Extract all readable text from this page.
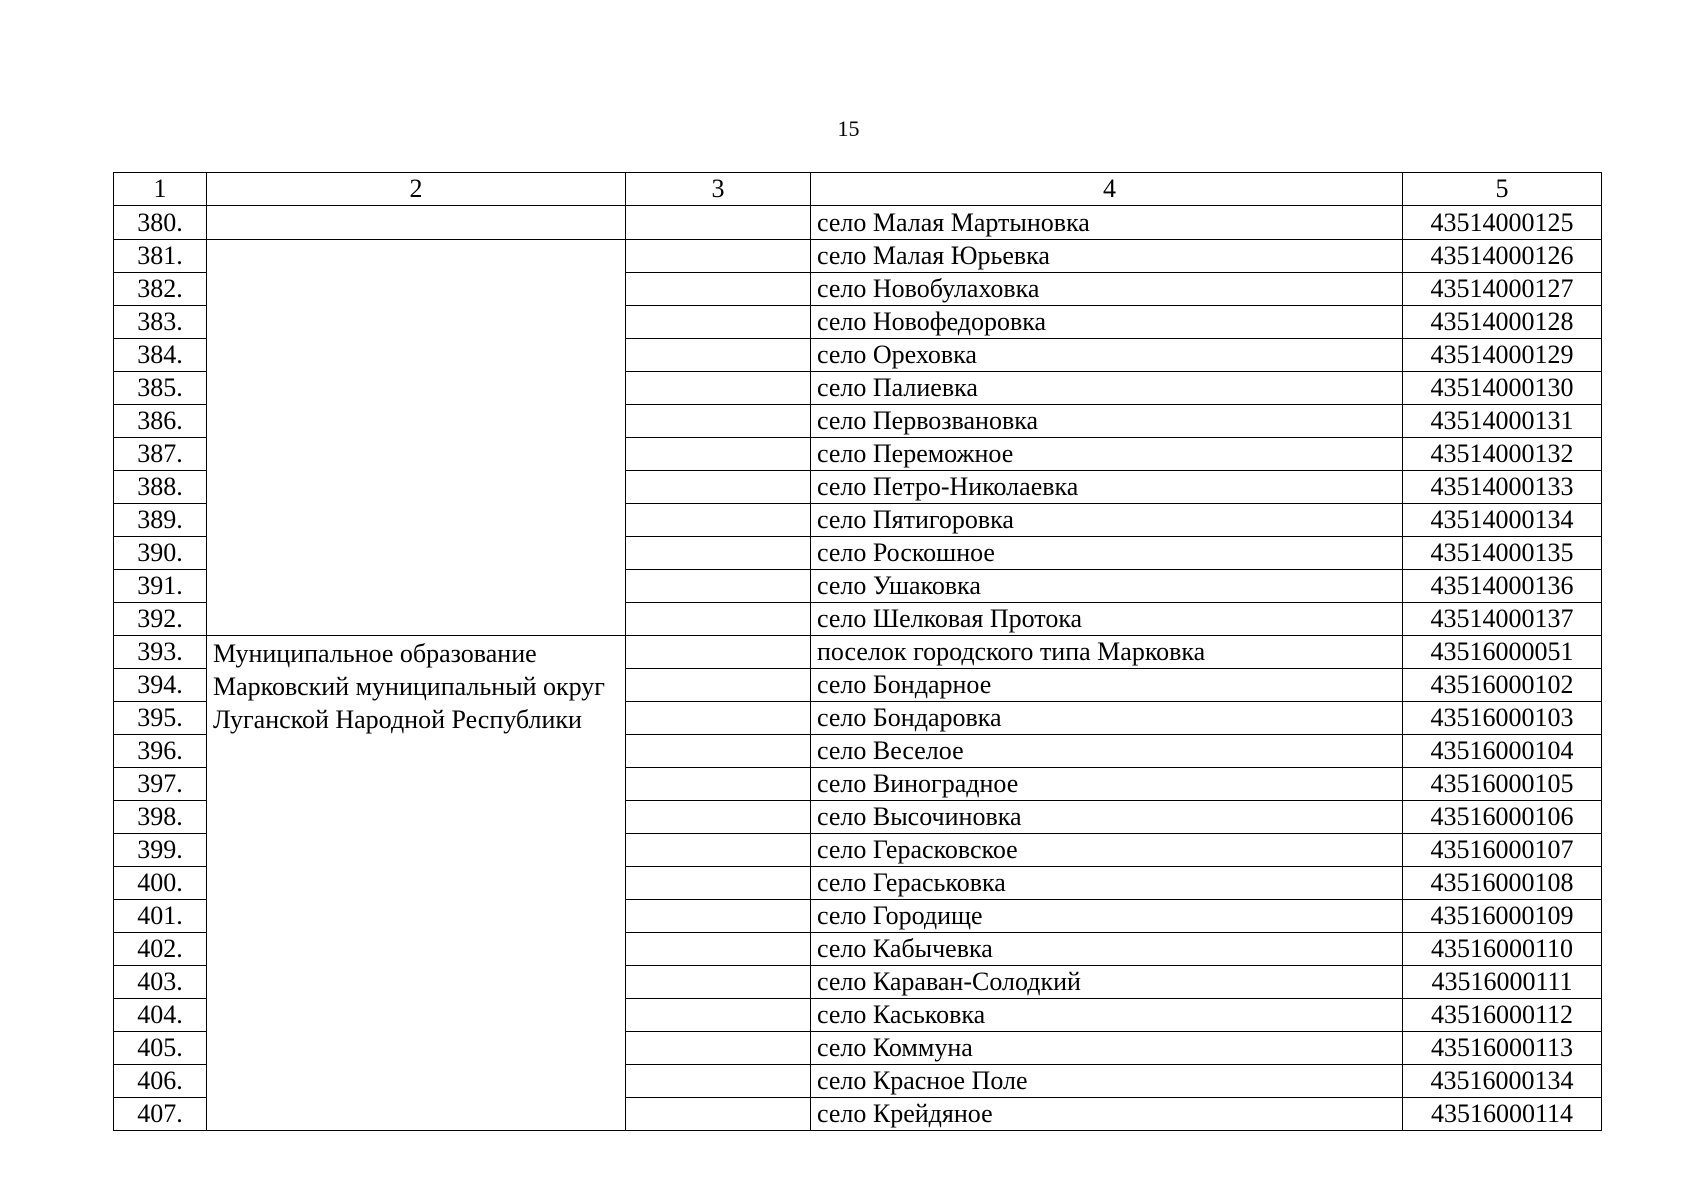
15
1	2	3	4	5
380.			село Малая Мартыновка	43514000125
381.			село Малая Юрьевка	43514000126
382.			село Новобулаховка	43514000127
383.			село Новофедоровка	43514000128
384.			село Ореховка	43514000129
385.			село Палиевка	43514000130
386.			село Первозвановка	43514000131
387.			село Переможное	43514000132
388.			село Петро-Николаевка	43514000133
389.			село Пятигоровка	43514000134
390.			село Роскошное	43514000135
391.			село Ушаковка	43514000136
392.			село Шелковая Протока	43514000137
393.	Муниципальное образование Марковский муниципальный округ Луганской Народной Республики		поселок городского типа Марковка	43516000051
394.			село Бондарное	43516000102
395.			село Бондаровка	43516000103
396.			село Веселое	43516000104
397.			село Виноградное	43516000105
398.			село Высочиновка	43516000106
399.			село Герасковское	43516000107
400.			село Гераськовка	43516000108
401.			село Городище	43516000109
402.			село Кабычевка	43516000110
403.			село Караван-Солодкий	43516000111
404.			село Каськовка	43516000112
405.			село Коммуна	43516000113
406.			село Красное Поле	43516000134
407.			село Крейдяное	43516000114
